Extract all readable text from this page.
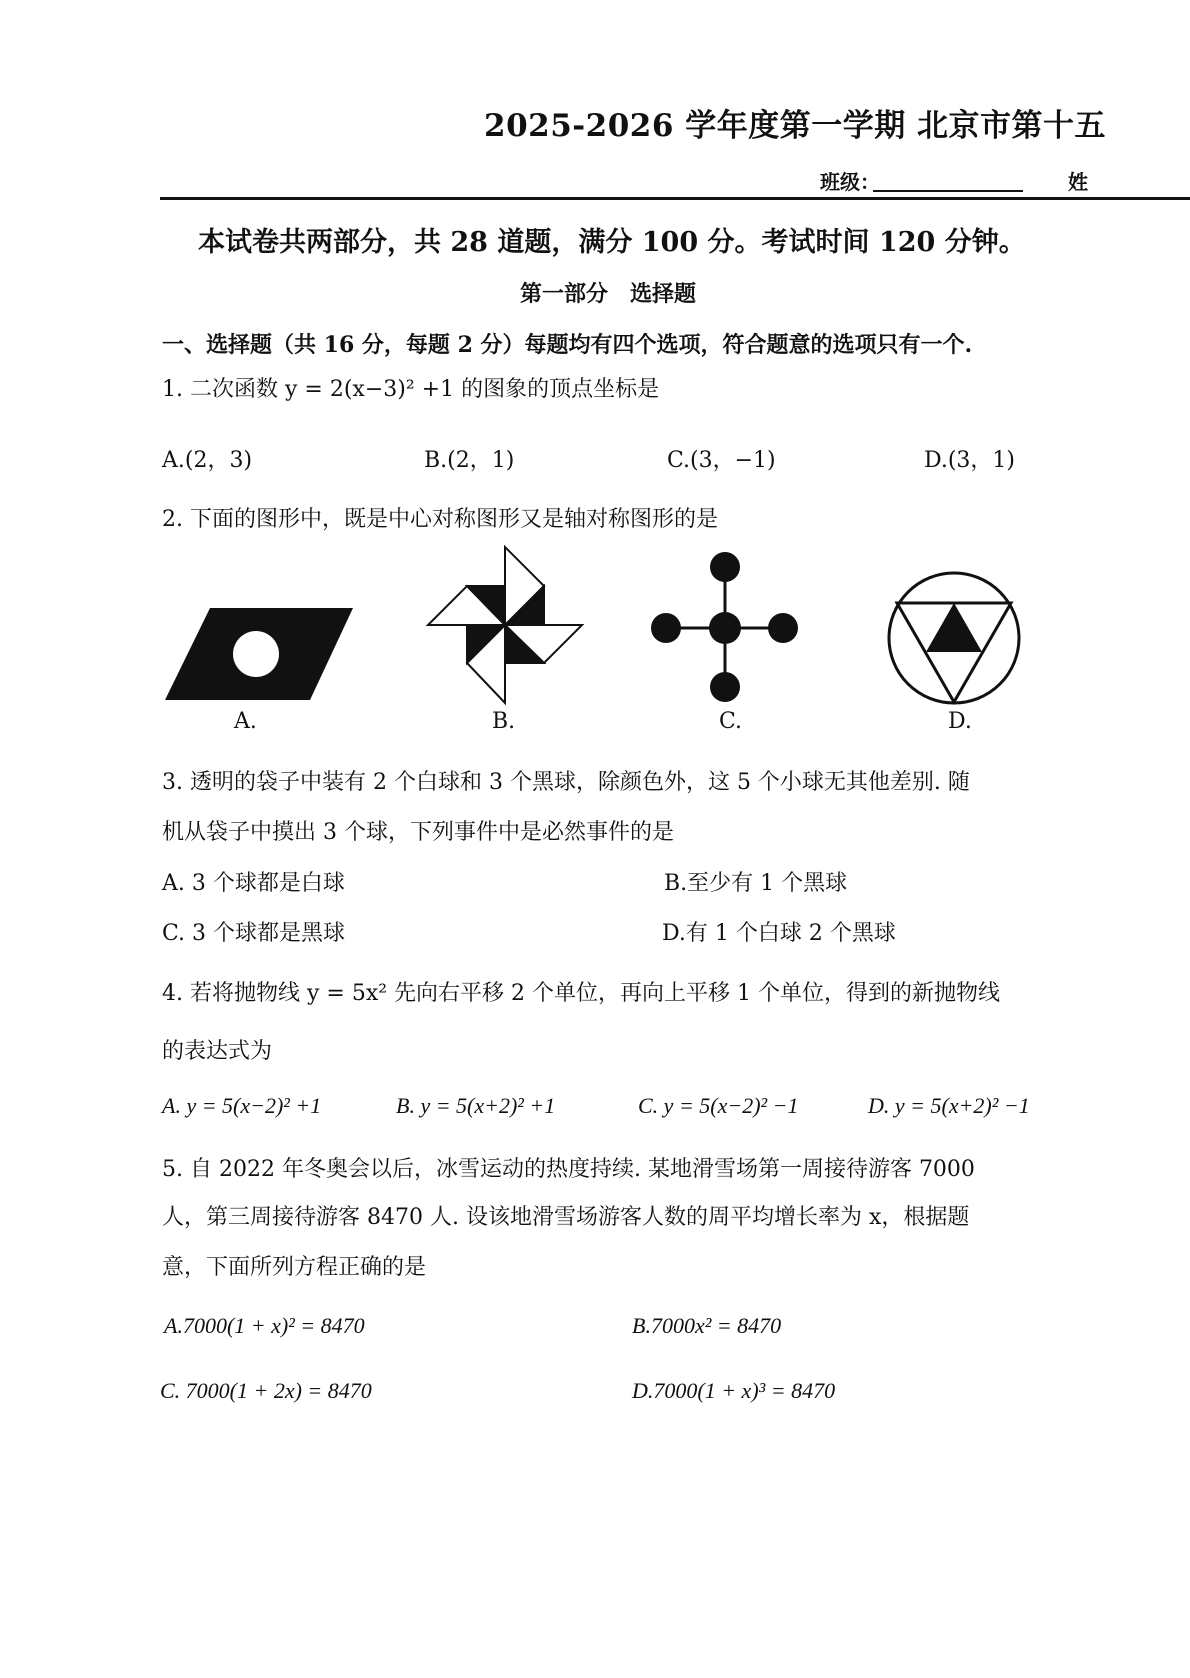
2025-2026 学年度第一学期 北京市第十五
班级：	姓
本试卷共两部分，共 28 道题，满分 100 分。考试时间 120 分钟。
第一部分　选择题
一、选择题（共 16 分，每题 2 分）每题均有四个选项，符合题意的选项只有一个.
1. 二次函数 y = 2(x−3)² +1 的图象的顶点坐标是
A.(2，3)	B.(2，1)	C.(3，−1)	D.(3，1)
2. 下面的图形中，既是中心对称图形又是轴对称图形的是
A.	B.	C.	D.
3. 透明的袋子中装有 2 个白球和 3 个黑球，除颜色外，这 5 个小球无其他差别. 随
机从袋子中摸出 3 个球，下列事件中是必然事件的是
A. 3 个球都是白球	B.至少有 1 个黑球
C. 3 个球都是黑球	D.有 1 个白球 2 个黑球
4. 若将抛物线 y = 5x² 先向右平移 2 个单位，再向上平移 1 个单位，得到的新抛物线
的表达式为
A. y = 5(x−2)² +1	B. y = 5(x+2)² +1	C. y = 5(x−2)² −1	D. y = 5(x+2)² −1
5. 自 2022 年冬奥会以后，冰雪运动的热度持续. 某地滑雪场第一周接待游客 7000
人，第三周接待游客 8470 人. 设该地滑雪场游客人数的周平均增长率为 x，根据题
意，下面所列方程正确的是
A.7000(1 + x)² = 8470	B.7000x² = 8470
C. 7000(1 + 2x) = 8470	D.7000(1 + x)³ = 8470
